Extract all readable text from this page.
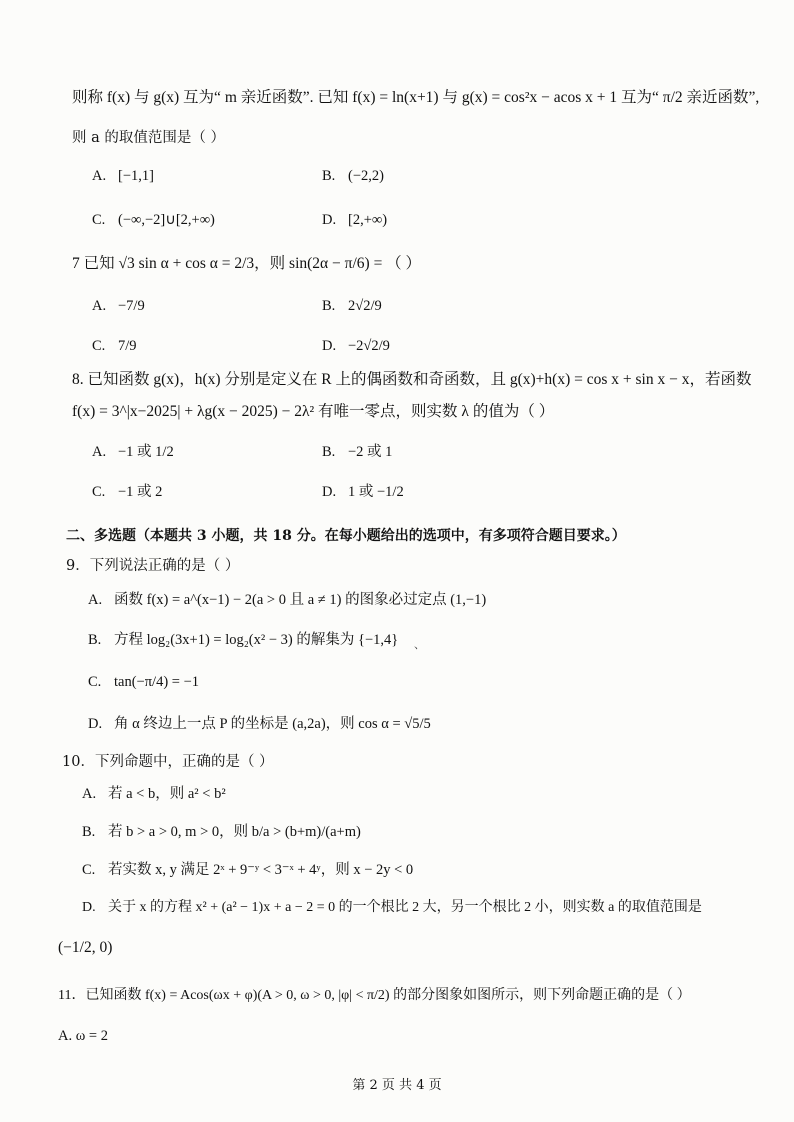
则称 f(x) 与 g(x) 互为“ m 亲近函数”. 已知 f(x) = ln(x+1) 与 g(x) = cos²x − acos x + 1 互为“ π/2 亲近函数”,
则 a 的取值范围是（ ）
A. [−1,1]	B. (−2,2)
C. (−∞,−2]∪[2,+∞)	D. [2,+∞)
7 已知 √3 sin α + cos α = 2/3，则 sin(2α − π/6) = （ ）
A. −7/9	B. 2√2/9
C. 7/9	D. −2√2/9
8. 已知函数 g(x)，h(x) 分别是定义在 R 上的偶函数和奇函数，且 g(x)+h(x) = cos x + sin x − x，若函数
f(x) = 3^|x−2025| + λg(x − 2025) − 2λ² 有唯一零点，则实数 λ 的值为（ ）
A. −1 或 1/2	B. −2 或 1
C. −1 或 2	D. 1 或 −1/2
二、多选题（本题共 3 小题，共 18 分。在每小题给出的选项中，有多项符合题目要求。）
9．下列说法正确的是（ ）
A. 函数 f(x) = a^(x−1) − 2(a > 0 且 a ≠ 1) 的图象必过定点 (1,−1)
B. 方程 log₂(3x+1) = log₂(x² − 3) 的解集为 {−1,4} 、
C. tan(−π/4) = −1
D. 角 α 终边上一点 P 的坐标是 (a,2a)，则 cos α = √5/5
10．下列命题中，正确的是（ ）
A. 若 a < b，则 a² < b²
B. 若 b > a > 0, m > 0，则 b/a > (b+m)/(a+m)
C. 若实数 x, y 满足 2ˣ + 9⁻ʸ < 3⁻ˣ + 4ʸ，则 x − 2y < 0
D. 关于 x 的方程 x² + (a² − 1)x + a − 2 = 0 的一个根比 2 大，另一个根比 2 小，则实数 a 的取值范围是
(−1/2, 0)
11．已知函数 f(x) = Acos(ωx + φ)(A > 0, ω > 0, |φ| < π/2) 的部分图象如图所示，则下列命题正确的是（ ）
A. ω = 2
第 2 页 共 4 页
